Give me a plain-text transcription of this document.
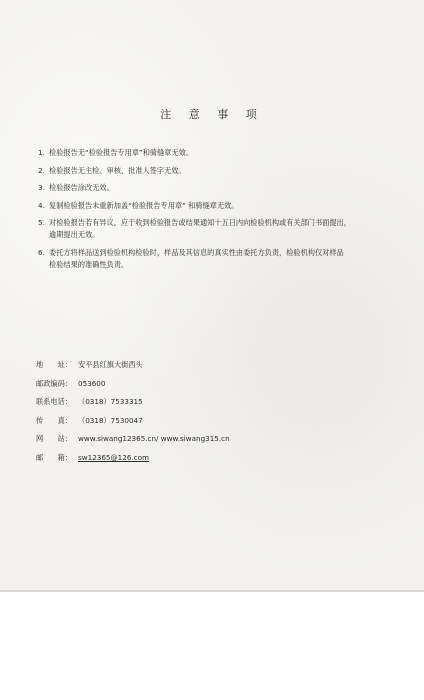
注 意 事 项
1. 检验报告无“检验报告专用章”和骑缝章无效。
2. 检验报告无主检、审核、批准人签字无效。
3. 检验报告涂改无效。
4. 复制检验报告未重新加盖“检验报告专用章” 和骑缝章无效。
5. 对检验报告若有异议，应于收到检验报告或结果通知十五日内向检验机构或有关部门书面提出，
逾期提出无效。
6. 委托方将样品送到检验机构检验时，样品及其信息的真实性由委托方负责，检验机构仅对样品
检验结果的准确性负责。
地　　址： 安平县红旗大街西头
邮政编码： 053600
联系电话： （0318）7533315
传　　真： （0318）7530047
网　　站： www.siwang12365.cn/ www.siwang315.cn
邮　　箱： sw12365@126.com
